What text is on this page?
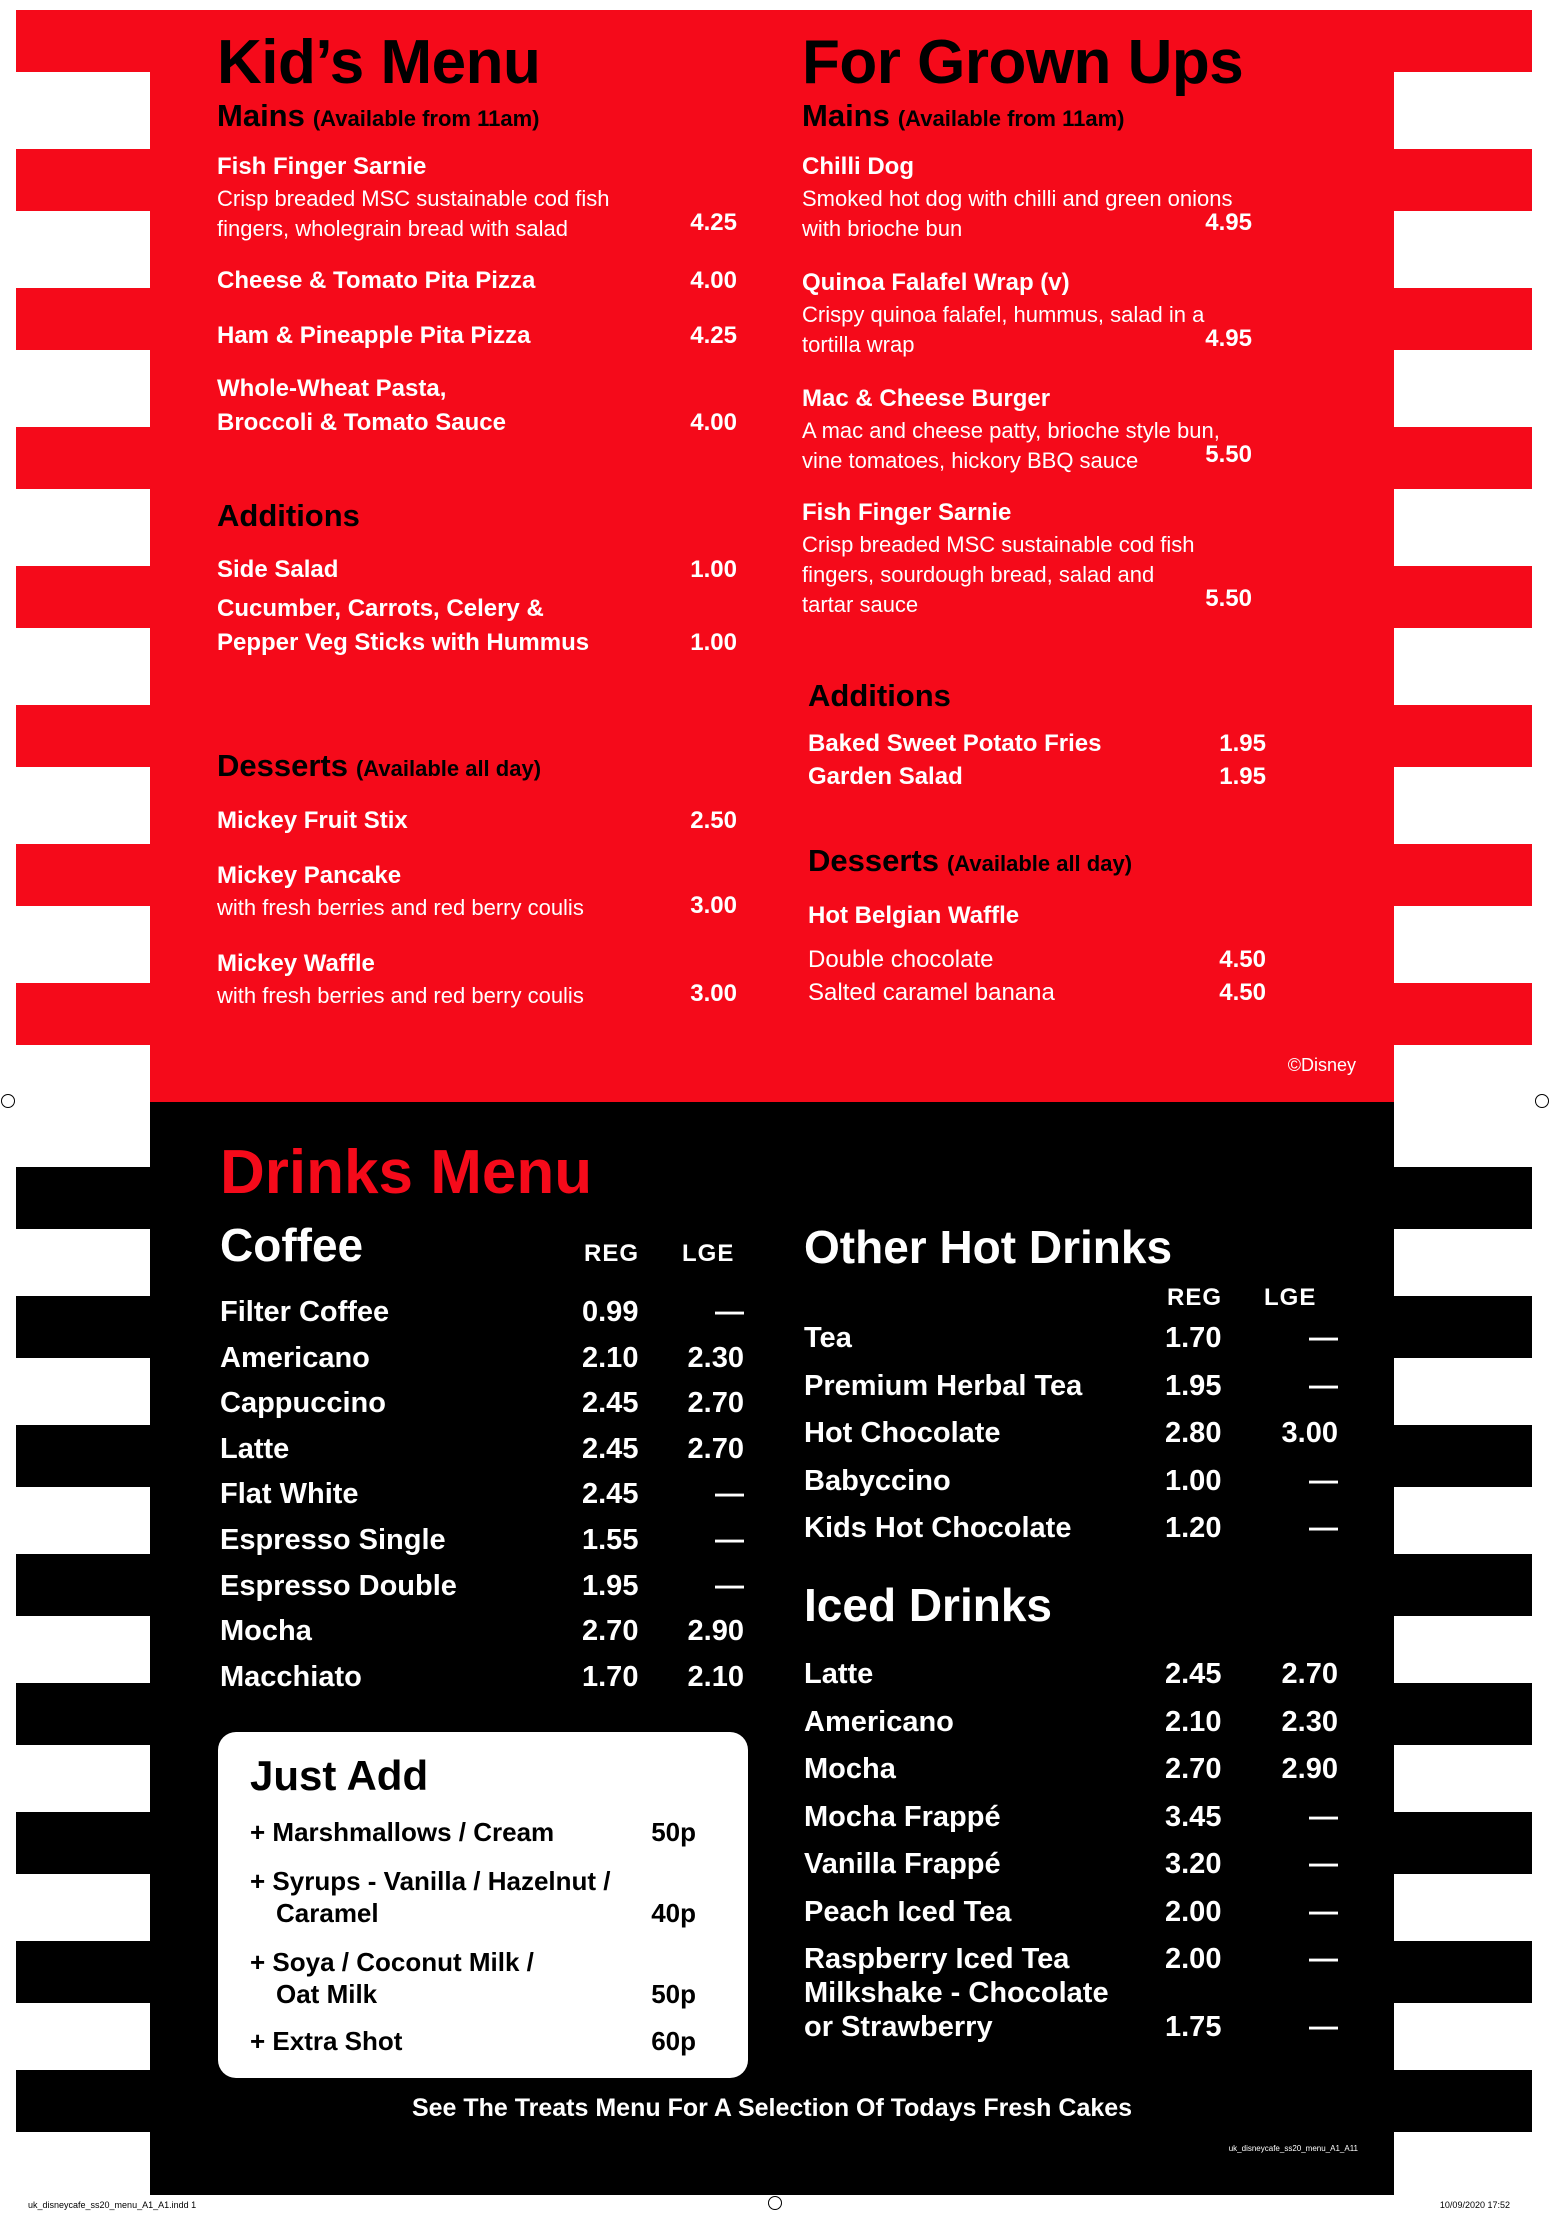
Kid’s Menu
Mains (Available from 11am)
Fish Finger Sarnie
Crisp breaded MSC sustainable cod fish
fingers, wholegrain bread with salad	4.25
Cheese & Tomato Pita Pizza	4.00
Ham & Pineapple Pita Pizza	4.25
Whole-Wheat Pasta,
Broccoli & Tomato Sauce	4.00
Additions
Side Salad	1.00
Cucumber, Carrots, Celery &
Pepper Veg Sticks with Hummus	1.00
Desserts (Available all day)
Mickey Fruit Stix	2.50
Mickey Pancake
with fresh berries and red berry coulis	3.00
Mickey Waffle
with fresh berries and red berry coulis	3.00
For Grown Ups
Mains (Available from 11am)
Chilli Dog
Smoked hot dog with chilli and green onions
with brioche bun	4.95
Quinoa Falafel Wrap (v)
Crispy quinoa falafel, hummus, salad in a
tortilla wrap	4.95
Mac & Cheese Burger
A mac and cheese patty, brioche style bun,
vine tomatoes, hickory BBQ sauce	5.50
Fish Finger Sarnie
Crisp breaded MSC sustainable cod fish
fingers, sourdough bread, salad and
tartar sauce	5.50
Additions
Baked Sweet Potato Fries	1.95
Garden Salad	1.95
Desserts (Available all day)
Hot Belgian Waffle
Double chocolate	4.50
Salted caramel banana	4.50
©Disney
Drinks Menu
Coffee	REG LGE
Filter Coffee	0.99	—
Americano	2.10	2.30
Cappuccino	2.45	2.70
Latte	2.45	2.70
Flat White	2.45	—
Espresso Single	1.55	—
Espresso Double	1.95	—
Mocha	2.70	2.90
Macchiato	1.70	2.10
Just Add
+ Marshmallows / Cream	50p
+ Syrups - Vanilla / Hazelnut /
Caramel	40p
+ Soya / Coconut Milk /
Oat Milk	50p
+ Extra Shot	60p
Other Hot Drinks
REG LGE
Tea	1.70	—
Premium Herbal Tea	1.95	—
Hot Chocolate	2.80	3.00
Babyccino	1.00	—
Kids Hot Chocolate	1.20	—
Iced Drinks
Latte	2.45	2.70
Americano	2.10	2.30
Mocha	2.70	2.90
Mocha Frappé	3.45	—
Vanilla Frappé	3.20	—
Peach Iced Tea	2.00	—
Raspberry Iced Tea	2.00	—
Milkshake - Chocolate
or Strawberry	1.75	—
See The Treats Menu For A Selection Of Todays Fresh Cakes
uk_disneycafe_ss20_menu_A1_A11
uk_disneycafe_ss20_menu_A1_A1.indd 1	10/09/2020 17:52
